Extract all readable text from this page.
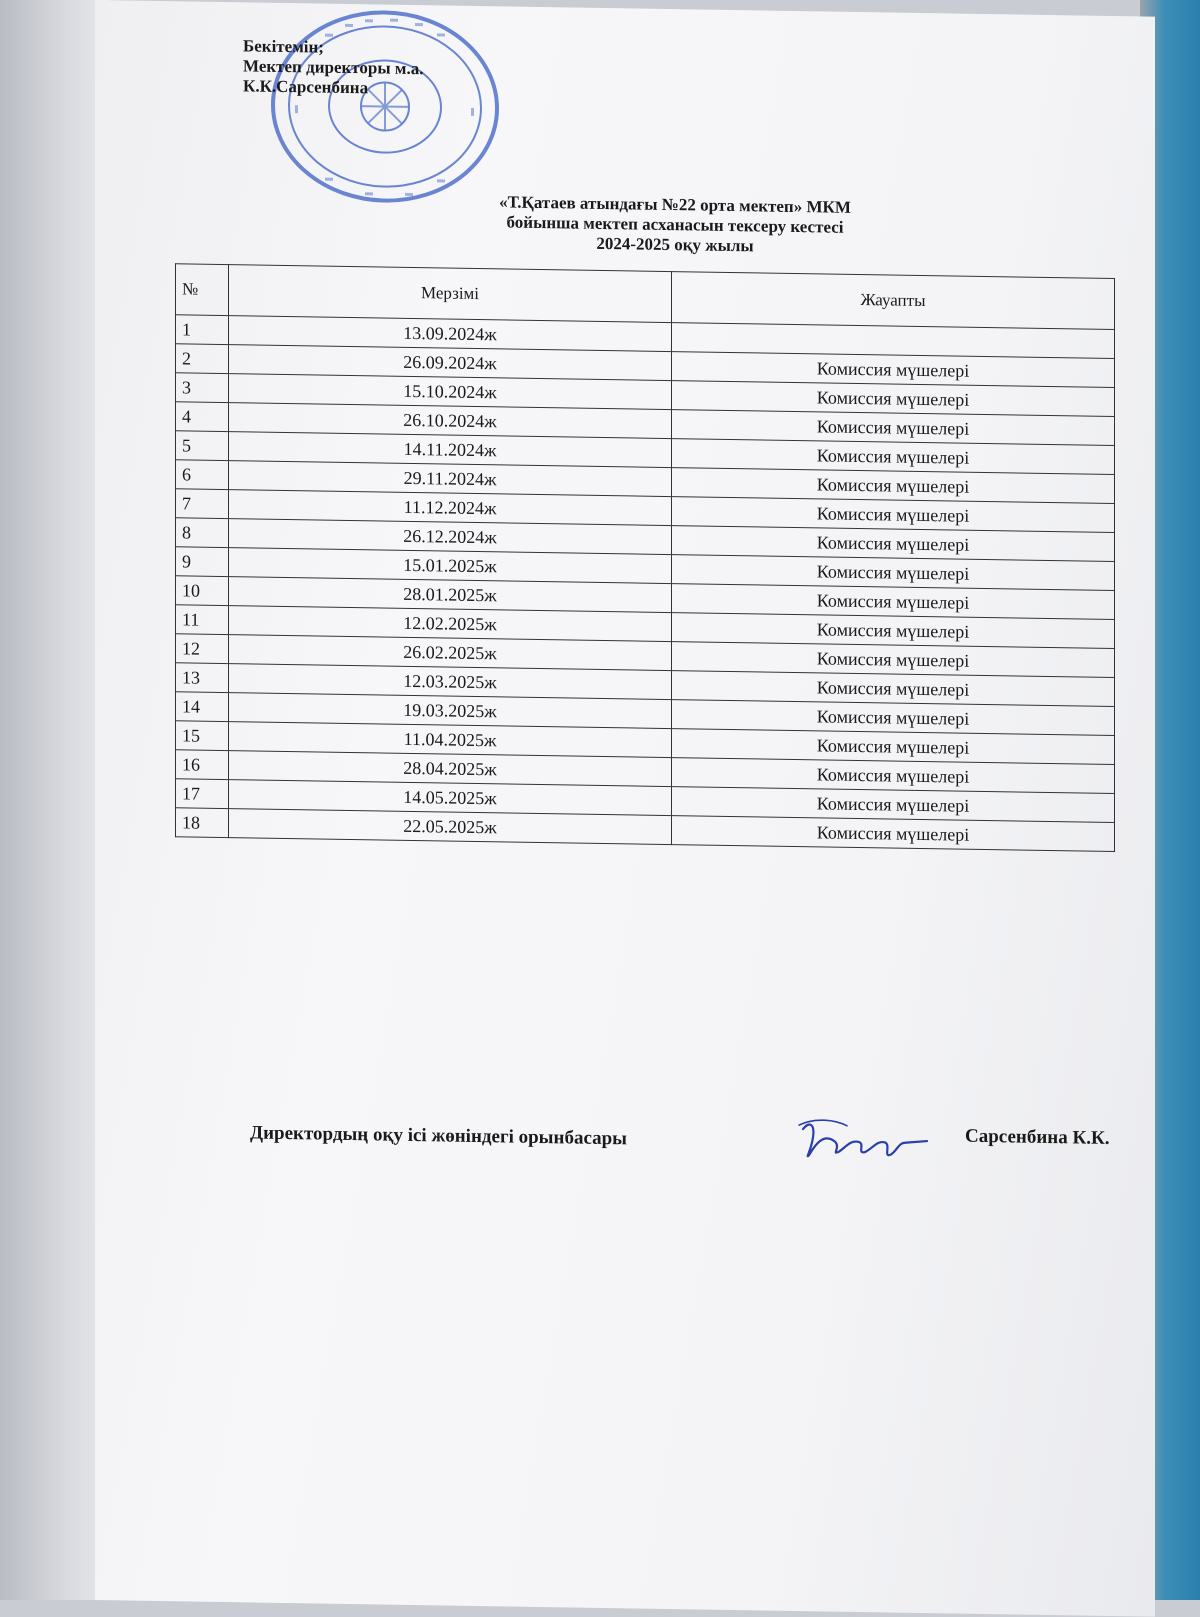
Бекітемін;
Мектеп директоры м.а.
К.К.Сарсенбина
«Т.Қатаев атындағы №22 орта мектеп» МКМ
бойынша мектеп асханасын тексеру кестесі
2024-2025 оқу жылы
№	Мерзімі	Жауапты
1	13.09.2024ж	
2	26.09.2024ж	Комиссия мүшелері
3	15.10.2024ж	Комиссия мүшелері
4	26.10.2024ж	Комиссия мүшелері
5	14.11.2024ж	Комиссия мүшелері
6	29.11.2024ж	Комиссия мүшелері
7	11.12.2024ж	Комиссия мүшелері
8	26.12.2024ж	Комиссия мүшелері
9	15.01.2025ж	Комиссия мүшелері
10	28.01.2025ж	Комиссия мүшелері
11	12.02.2025ж	Комиссия мүшелері
12	26.02.2025ж	Комиссия мүшелері
13	12.03.2025ж	Комиссия мүшелері
14	19.03.2025ж	Комиссия мүшелері
15	11.04.2025ж	Комиссия мүшелері
16	28.04.2025ж	Комиссия мүшелері
17	14.05.2025ж	Комиссия мүшелері
18	22.05.2025ж	Комиссия мүшелері
Директордың оқу ісі жөніндегі орынбасары	Сарсенбина К.К.
